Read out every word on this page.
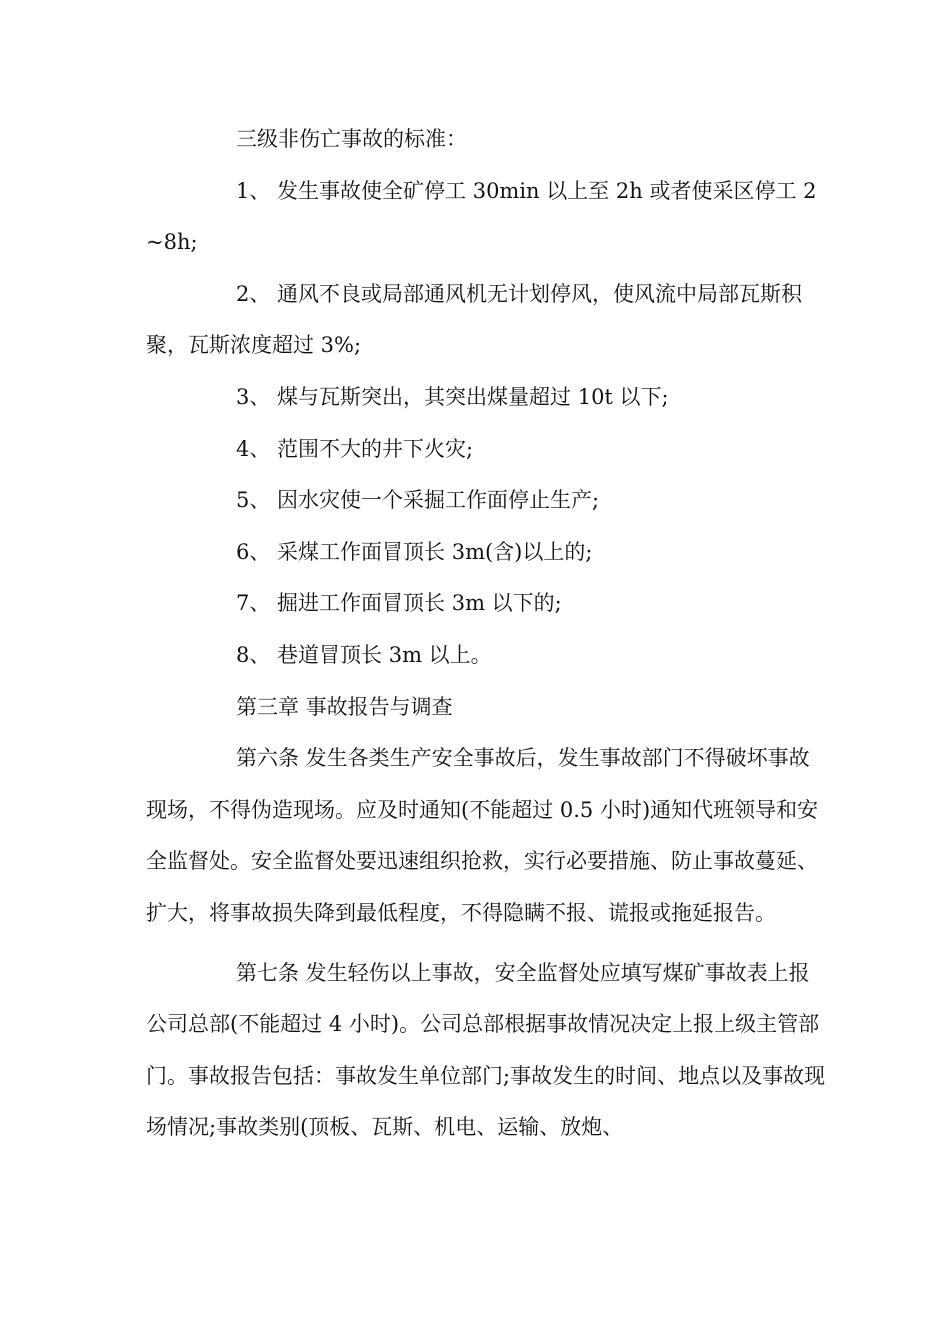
三级非伤亡事故的标准：

1、 发生事故使全矿停工 30min 以上至 2h 或者使采区停工 2~8h;

2、 通风不良或局部通风机无计划停风，使风流中局部瓦斯积聚，瓦斯浓度超过 3%;

3、 煤与瓦斯突出，其突出煤量超过 10t 以下;

4、 范围不大的井下火灾;

5、 因水灾使一个采掘工作面停止生产;

6、 采煤工作面冒顶长 3m(含)以上的;

7、 掘进工作面冒顶长 3m 以下的;

8、 巷道冒顶长 3m 以上。

第三章 事故报告与调查

第六条 发生各类生产安全事故后，发生事故部门不得破坏事故现场，不得伪造现场。应及时通知(不能超过 0.5 小时)通知代班领导和安全监督处。安全监督处要迅速组织抢救，实行必要措施、防止事故蔓延、扩大，将事故损失降到最低程度，不得隐瞒不报、谎报或拖延报告。

第七条 发生轻伤以上事故，安全监督处应填写煤矿事故表上报公司总部(不能超过 4 小时)。公司总部根据事故情况决定上报上级主管部门。事故报告包括：事故发生单位部门;事故发生的时间、地点以及事故现场情况;事故类别(顶板、瓦斯、机电、运输、放炮、
